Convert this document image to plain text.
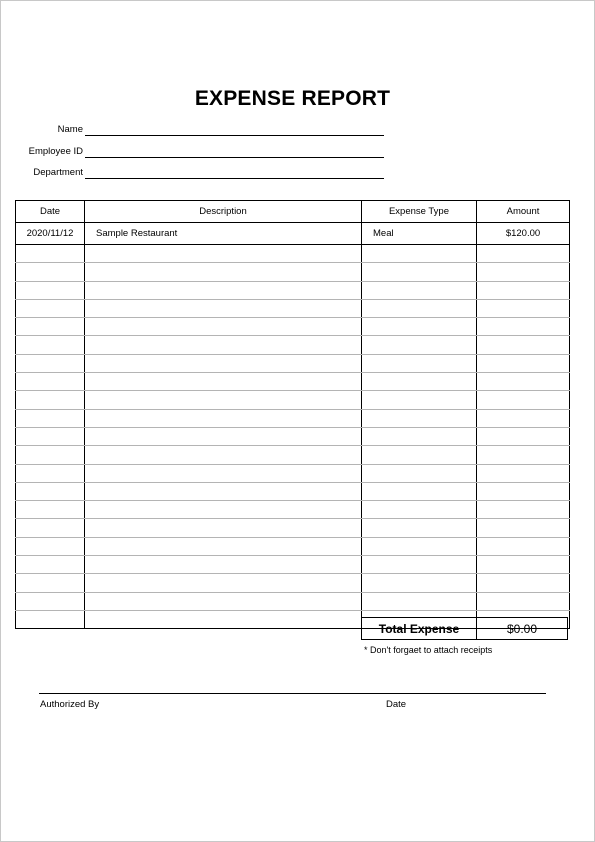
EXPENSE REPORT
Name
Employee ID
Department
Date	Description	Expense Type	Amount
2020/11/12	Sample Restaurant	Meal	$120.00

Total Expense	$0.00
* Don't forgaet to attach receipts
Authorized By	Date
